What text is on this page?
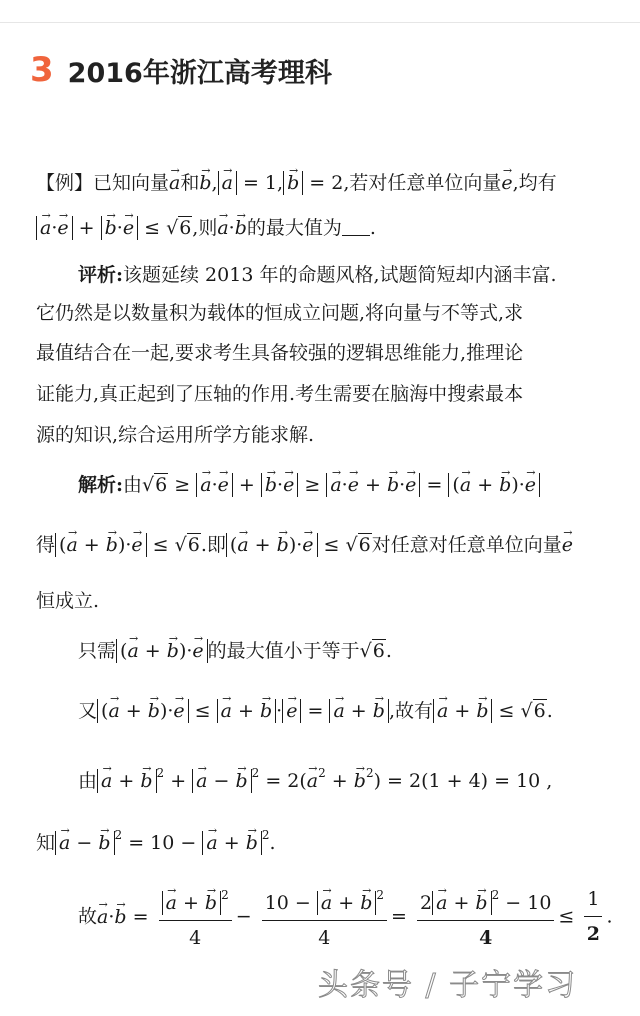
3 2016年浙江高考理科
【例】已知向量→ a和→ b, → a = 1, → b = 2,若对任意单位向量→ e,均有
→ a·→ e + → b·→ e ≤ √6,则→ a·→ b的最大值为 .
评析:该题延续 2013 年的命题风格,试题简短却内涵丰富.
它仍然是以数量积为载体的恒成立问题,将向量与不等式,求
最值结合在一起,要求考生具备较强的逻辑思维能力,推理论
证能力,真正起到了压轴的作用.考生需要在脑海中搜索最本
源的知识,综合运用所学方能求解.
解析:由√6 ≥ → a·→ e + → b·→ e ≥ → a·→ e + → b·→ e = (→ a + → b)·→ e
得 (→ a + → b)·→ e ≤ √6.即 (→ a + → b)·→ e ≤ √6对任意对任意单位向量→ e
恒成立.
只需 (→ a + → b)·→ e 的最大值小于等于√6.
又 (→ a + → b)·→ e ≤ → a + → b · → e = → a + → b ,故有 → a + → b ≤ √6.
由 → a + → b $^2$ + → a − → b $^2 = 2(\to a^2$ + → $b^2) = 2(1 + 4) = 10$ ,
知 → a − → b $^2$ = 10 − → a + → b $^2$.
故→ a·→ b = → $\frac{a + \to b ^2}{4} - \frac{10 - \to a + \to b ^2}{4} = \frac{2 \to a + \to b ^2 - 10}{4} \le \frac{1}{2}$ .
头条号 / 子宁学习
